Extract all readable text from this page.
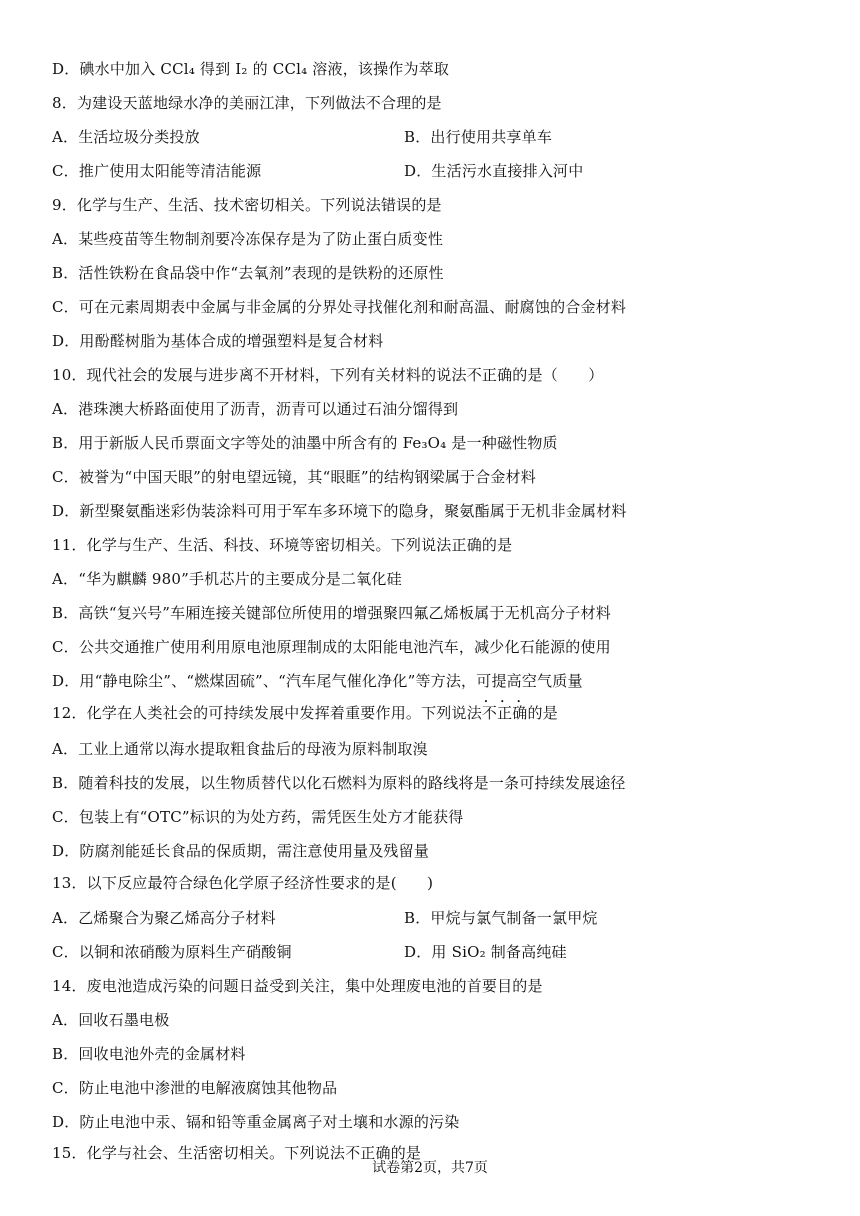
D．碘水中加入 CCl₄ 得到 I₂ 的 CCl₄ 溶液，该操作为萃取
8．为建设天蓝地绿水净的美丽江津，下列做法不合理的是
A．生活垃圾分类投放	B．出行使用共享单车
C．推广使用太阳能等清洁能源	D．生活污水直接排入河中
9．化学与生产、生活、技术密切相关。下列说法错误的是
A．某些疫苗等生物制剂要冷冻保存是为了防止蛋白质变性
B．活性铁粉在食品袋中作“去氧剂”表现的是铁粉的还原性
C．可在元素周期表中金属与非金属的分界处寻找催化剂和耐高温、耐腐蚀的合金材料
D．用酚醛树脂为基体合成的增强塑料是复合材料
10．现代社会的发展与进步离不开材料，下列有关材料的说法不正确的是（　　）
A．港珠澳大桥路面使用了沥青，沥青可以通过石油分馏得到
B．用于新版人民币票面文字等处的油墨中所含有的 Fe₃O₄ 是一种磁性物质
C．被誉为“中国天眼”的射电望远镜，其“眼眶”的结构钢梁属于合金材料
D．新型聚氨酯迷彩伪装涂料可用于军车多环境下的隐身，聚氨酯属于无机非金属材料
11．化学与生产、生活、科技、环境等密切相关。下列说法正确的是
A．“华为麒麟 980”手机芯片的主要成分是二氧化硅
B．高铁“复兴号”车厢连接关键部位所使用的增强聚四氟乙烯板属于无机高分子材料
C．公共交通推广使用利用原电池原理制成的太阳能电池汽车，减少化石能源的使用
D．用“静电除尘”、“燃煤固硫”、“汽车尾气催化净化”等方法，可提高空气质量
12．化学在人类社会的可持续发展中发挥着重要作用。下列说法• • • 不正确的是
A．工业上通常以海水提取粗食盐后的母液为原料制取溴
B．随着科技的发展，以生物质替代以化石燃料为原料的路线将是一条可持续发展途径
C．包装上有“OTC”标识的为处方药，需凭医生处方才能获得
D．防腐剂能延长食品的保质期，需注意使用量及残留量
13．以下反应最符合绿色化学原子经济性要求的是(　　)
A．乙烯聚合为聚乙烯高分子材料	B．甲烷与氯气制备一氯甲烷
C．以铜和浓硝酸为原料生产硝酸铜	D．用 SiO₂ 制备高纯硅
14．废电池造成污染的问题日益受到关注，集中处理废电池的首要目的是
A．回收石墨电极
B．回收电池外壳的金属材料
C．防止电池中渗泄的电解液腐蚀其他物品
D．防止电池中汞、镉和铅等重金属离子对土壤和水源的污染
15．化学与社会、生活密切相关。下列说法不正确的是
试卷第2页，共7页
